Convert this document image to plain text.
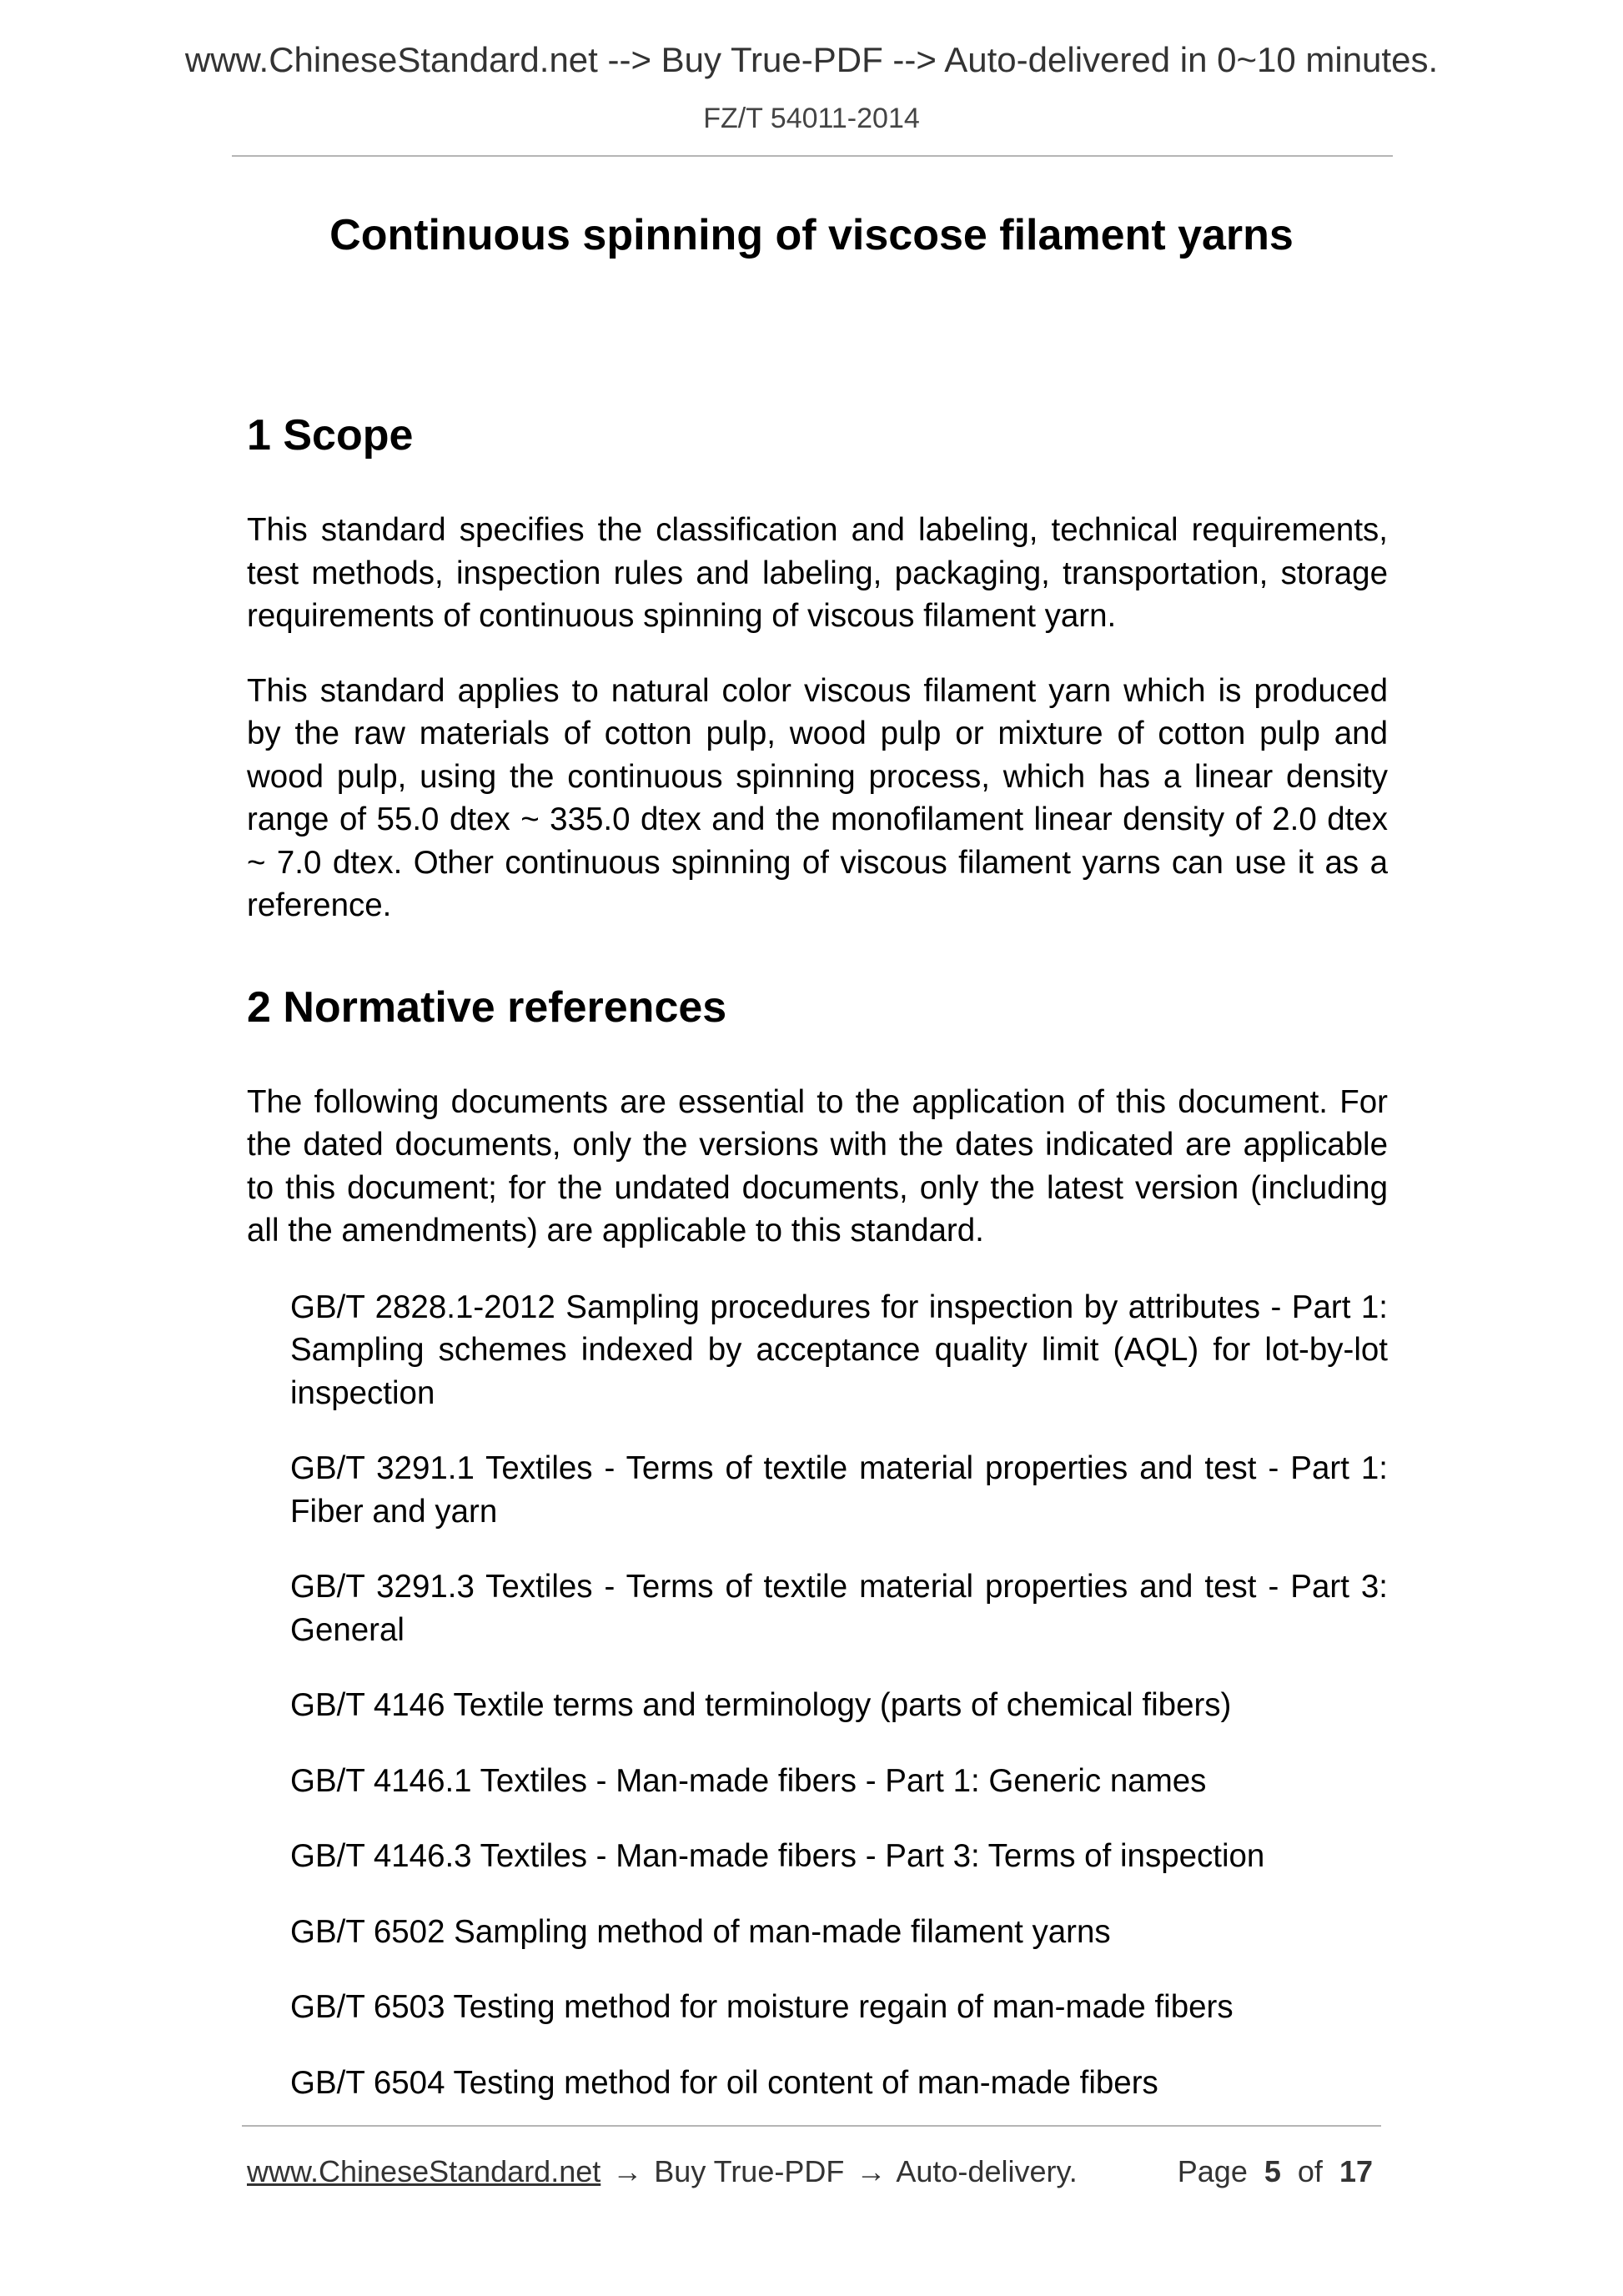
www.ChineseStandard.net --> Buy True-PDF --> Auto-delivered in 0~10 minutes.
FZ/T 54011-2014
Continuous spinning of viscose filament yarns
1 Scope

This standard specifies the classification and labeling, technical requirements, test methods, inspection rules and labeling, packaging, transportation, storage requirements of continuous spinning of viscous filament yarn.

This standard applies to natural color viscous filament yarn which is produced by the raw materials of cotton pulp, wood pulp or mixture of cotton pulp and wood pulp, using the continuous spinning process, which has a linear density range of 55.0 dtex ~ 335.0 dtex and the monofilament linear density of 2.0 dtex ~ 7.0 dtex. Other continuous spinning of viscous filament yarns can use it as a reference.

2 Normative references

The following documents are essential to the application of this document. For the dated documents, only the versions with the dates indicated are applicable to this document; for the undated documents, only the latest version (including all the amendments) are applicable to this standard.

GB/T 2828.1-2012 Sampling procedures for inspection by attributes - Part 1: Sampling schemes indexed by acceptance quality limit (AQL) for lot-by-lot inspection
GB/T 3291.1 Textiles - Terms of textile material properties and test - Part 1: Fiber and yarn
GB/T 3291.3 Textiles - Terms of textile material properties and test - Part 3: General
GB/T 4146 Textile terms and terminology (parts of chemical fibers)
GB/T 4146.1 Textiles - Man-made fibers - Part 1: Generic names
GB/T 4146.3 Textiles - Man-made fibers - Part 3: Terms of inspection
GB/T 6502 Sampling method of man-made filament yarns
GB/T 6503 Testing method for moisture regain of man-made fibers
GB/T 6504 Testing method for oil content of man-made fibers
www.ChineseStandard.net → Buy True-PDF → Auto-delivery.	Page 5 of 17
